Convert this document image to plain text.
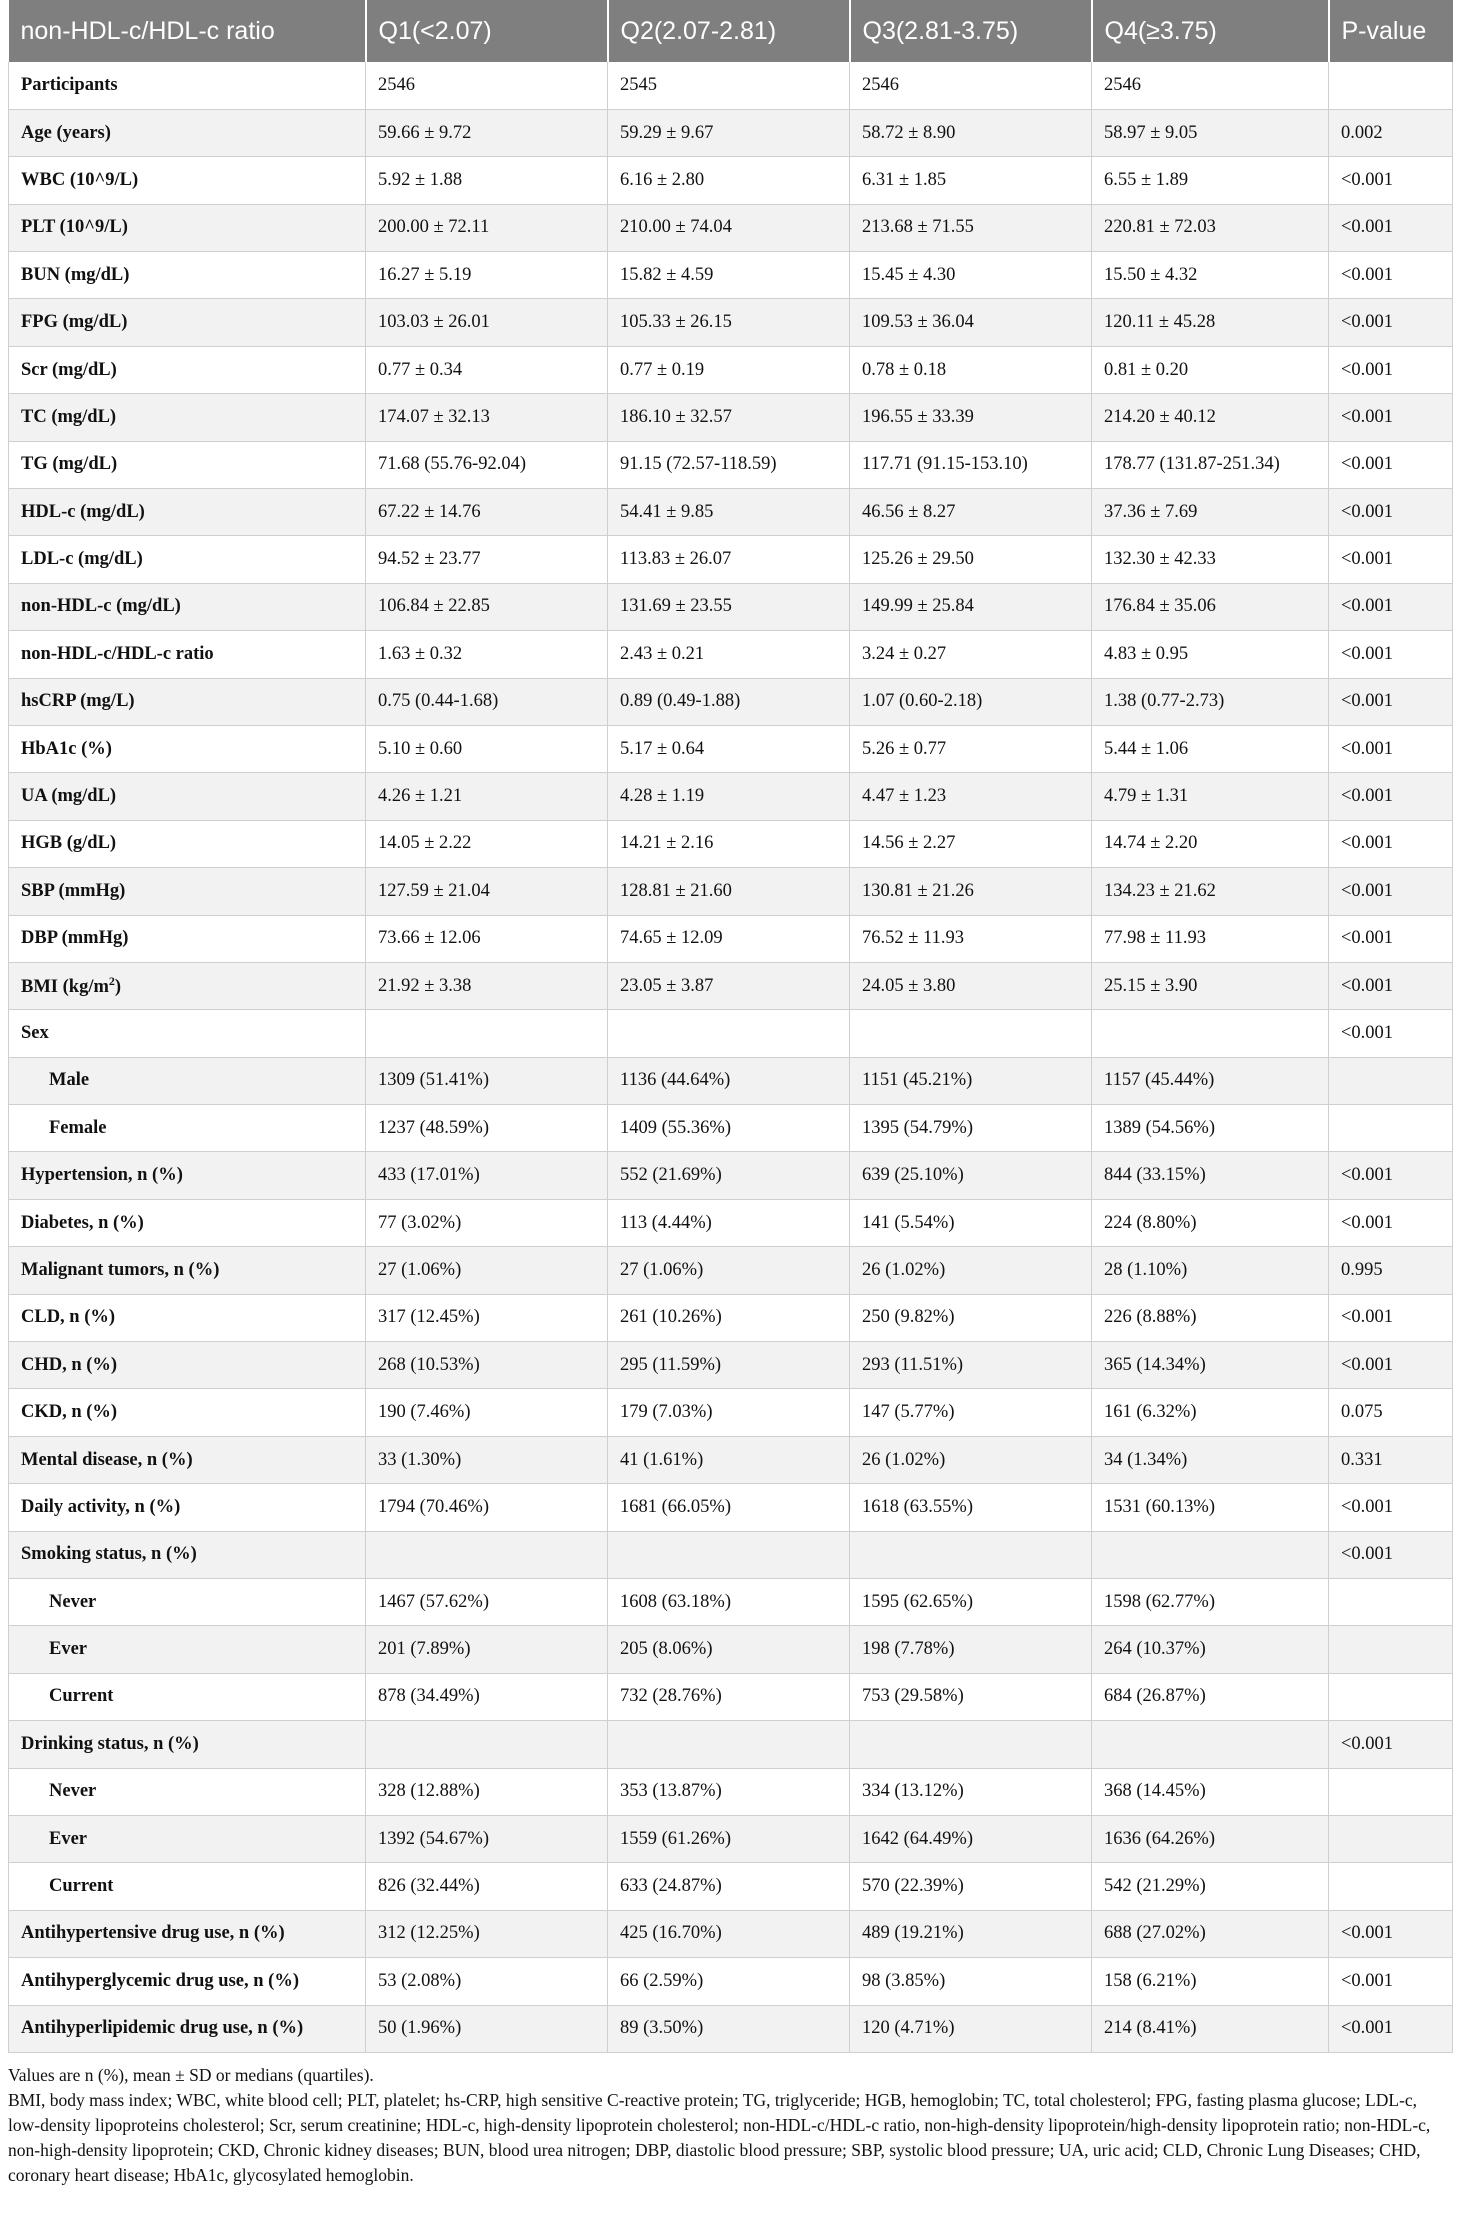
non-HDL-c/HDL-c ratio	Q1(<2.07)	Q2(2.07-2.81)	Q3(2.81-3.75)	Q4(≥3.75)	P-value
Participants	2546	2545	2546	2546	
Age (years)	59.66 ± 9.72	59.29 ± 9.67	58.72 ± 8.90	58.97 ± 9.05	0.002
WBC (10^9/L)	5.92 ± 1.88	6.16 ± 2.80	6.31 ± 1.85	6.55 ± 1.89	<0.001
PLT (10^9/L)	200.00 ± 72.11	210.00 ± 74.04	213.68 ± 71.55	220.81 ± 72.03	<0.001
BUN (mg/dL)	16.27 ± 5.19	15.82 ± 4.59	15.45 ± 4.30	15.50 ± 4.32	<0.001
FPG (mg/dL)	103.03 ± 26.01	105.33 ± 26.15	109.53 ± 36.04	120.11 ± 45.28	<0.001
Scr (mg/dL)	0.77 ± 0.34	0.77 ± 0.19	0.78 ± 0.18	0.81 ± 0.20	<0.001
TC (mg/dL)	174.07 ± 32.13	186.10 ± 32.57	196.55 ± 33.39	214.20 ± 40.12	<0.001
TG (mg/dL)	71.68 (55.76-92.04)	91.15 (72.57-118.59)	117.71 (91.15-153.10)	178.77 (131.87-251.34)	<0.001
HDL-c (mg/dL)	67.22 ± 14.76	54.41 ± 9.85	46.56 ± 8.27	37.36 ± 7.69	<0.001
LDL-c (mg/dL)	94.52 ± 23.77	113.83 ± 26.07	125.26 ± 29.50	132.30 ± 42.33	<0.001
non-HDL-c (mg/dL)	106.84 ± 22.85	131.69 ± 23.55	149.99 ± 25.84	176.84 ± 35.06	<0.001
non-HDL-c/HDL-c ratio	1.63 ± 0.32	2.43 ± 0.21	3.24 ± 0.27	4.83 ± 0.95	<0.001
hsCRP (mg/L)	0.75 (0.44-1.68)	0.89 (0.49-1.88)	1.07 (0.60-2.18)	1.38 (0.77-2.73)	<0.001
HbA1c (%)	5.10 ± 0.60	5.17 ± 0.64	5.26 ± 0.77	5.44 ± 1.06	<0.001
UA (mg/dL)	4.26 ± 1.21	4.28 ± 1.19	4.47 ± 1.23	4.79 ± 1.31	<0.001
HGB (g/dL)	14.05 ± 2.22	14.21 ± 2.16	14.56 ± 2.27	14.74 ± 2.20	<0.001
SBP (mmHg)	127.59 ± 21.04	128.81 ± 21.60	130.81 ± 21.26	134.23 ± 21.62	<0.001
DBP (mmHg)	73.66 ± 12.06	74.65 ± 12.09	76.52 ± 11.93	77.98 ± 11.93	<0.001
BMI $(kg/m^2)$	21.92 ± 3.38	23.05 ± 3.87	24.05 ± 3.80	25.15 ± 3.90	<0.001
Sex					<0.001
Male	1309 (51.41%)	1136 (44.64%)	1151 (45.21%)	1157 (45.44%)	
Female	1237 (48.59%)	1409 (55.36%)	1395 (54.79%)	1389 (54.56%)	
Hypertension, n (%)	433 (17.01%)	552 (21.69%)	639 (25.10%)	844 (33.15%)	<0.001
Diabetes, n (%)	77 (3.02%)	113 (4.44%)	141 (5.54%)	224 (8.80%)	<0.001
Malignant tumors, n (%)	27 (1.06%)	27 (1.06%)	26 (1.02%)	28 (1.10%)	0.995
CLD, n (%)	317 (12.45%)	261 (10.26%)	250 (9.82%)	226 (8.88%)	<0.001
CHD, n (%)	268 (10.53%)	295 (11.59%)	293 (11.51%)	365 (14.34%)	<0.001
CKD, n (%)	190 (7.46%)	179 (7.03%)	147 (5.77%)	161 (6.32%)	0.075
Mental disease, n (%)	33 (1.30%)	41 (1.61%)	26 (1.02%)	34 (1.34%)	0.331
Daily activity, n (%)	1794 (70.46%)	1681 (66.05%)	1618 (63.55%)	1531 (60.13%)	<0.001
Smoking status, n (%)					<0.001
Never	1467 (57.62%)	1608 (63.18%)	1595 (62.65%)	1598 (62.77%)	
Ever	201 (7.89%)	205 (8.06%)	198 (7.78%)	264 (10.37%)	
Current	878 (34.49%)	732 (28.76%)	753 (29.58%)	684 (26.87%)	
Drinking status, n (%)					<0.001
Never	328 (12.88%)	353 (13.87%)	334 (13.12%)	368 (14.45%)	
Ever	1392 (54.67%)	1559 (61.26%)	1642 (64.49%)	1636 (64.26%)	
Current	826 (32.44%)	633 (24.87%)	570 (22.39%)	542 (21.29%)	
Antihypertensive drug use, n (%)	312 (12.25%)	425 (16.70%)	489 (19.21%)	688 (27.02%)	<0.001
Antihyperglycemic drug use, n (%)	53 (2.08%)	66 (2.59%)	98 (3.85%)	158 (6.21%)	<0.001
Antihyperlipidemic drug use, n (%)	50 (1.96%)	89 (3.50%)	120 (4.71%)	214 (8.41%)	<0.001

Values are n (%), mean ± SD or medians (quartiles).

BMI, body mass index; WBC, white blood cell; PLT, platelet; hs-CRP, high sensitive C-reactive protein; TG, triglyceride; HGB, hemoglobin; TC, total cholesterol; FPG, fasting plasma glucose; LDL-c, low-density lipoproteins cholesterol; Scr, serum creatinine; HDL-c, high-density lipoprotein cholesterol; non-HDL-c/HDL-c ratio, non-high-density lipoprotein/high-density lipoprotein ratio; non-HDL-c, non-high-density lipoprotein; CKD, Chronic kidney diseases; BUN, blood urea nitrogen; DBP, diastolic blood pressure; SBP, systolic blood pressure; UA, uric acid; CLD, Chronic Lung Diseases; CHD, coronary heart disease; HbA1c, glycosylated hemoglobin.
